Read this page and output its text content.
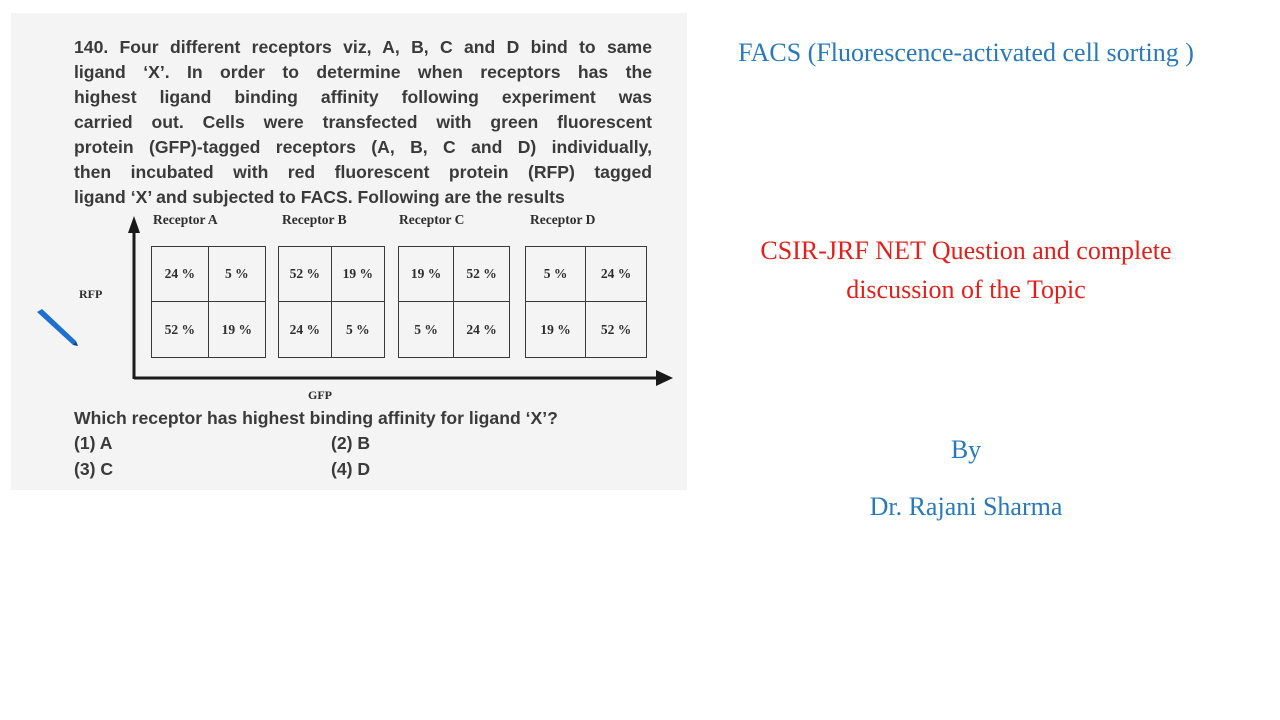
140. Four different receptors viz, A, B, C and D bind to same
ligand ‘X’. In order to determine when receptors has the
highest ligand binding affinity following experiment was
carried out. Cells were transfected with green fluorescent
protein (GFP)-tagged receptors (A, B, C and D) individually,
then incubated with red fluorescent protein (RFP) tagged
ligand ‘X’ and subjected to FACS. Following are the results
RFP
GFP
Receptor A	Receptor B	Receptor C	Receptor D
24 %	5 %
52 %	19 %
52 %	19 %
24 %	5 %
19 %	52 %
5 %	24 %
5 %	24 %
19 %	52 %
Which receptor has highest binding affinity for ligand ‘X’?
(1) A	(2) B
(3) C	(4) D
FACS (Fluorescence-activated cell sorting )
CSIR-JRF NET Question and complete
discussion of the Topic
By
Dr. Rajani Sharma
